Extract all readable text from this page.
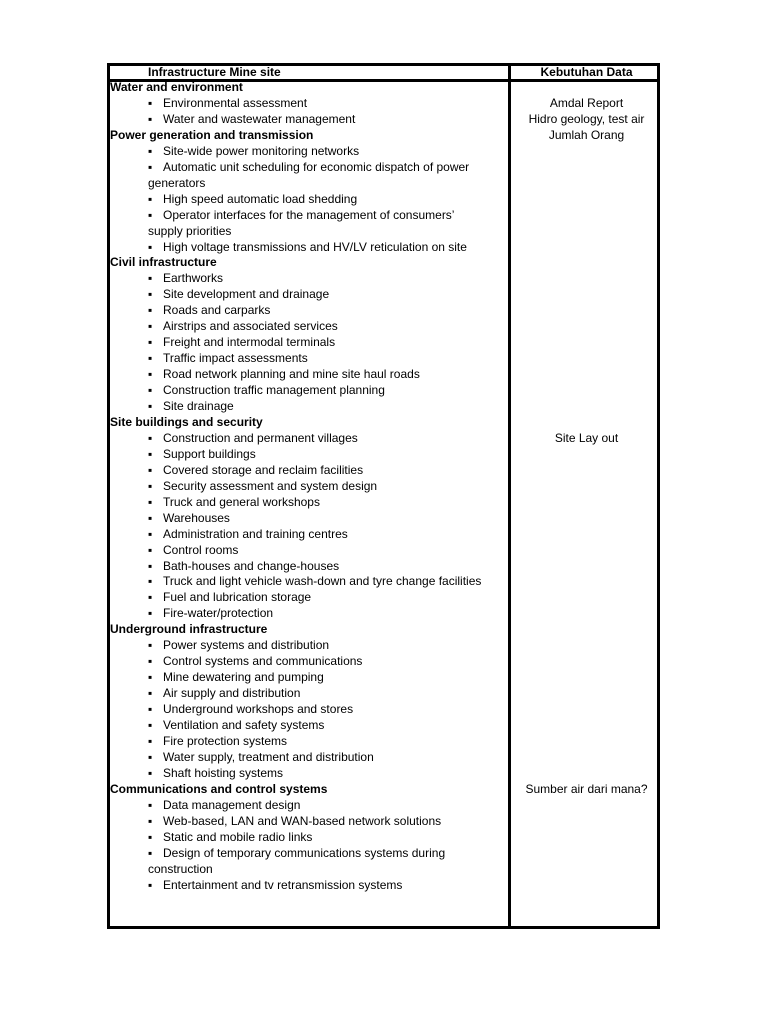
Infrastructure Mine site	Kebutuhan Data
Water and environment
▪ Environmental assessment
▪ Water and wastewater management
Power generation and transmission
▪ Site-wide power monitoring networks
▪ Automatic unit scheduling for economic dispatch of power
generators
▪ High speed automatic load shedding
▪ Operator interfaces for the management of consumers’
supply priorities
▪ High voltage transmissions and HV/LV reticulation on site
Civil infrastructure
▪ Earthworks
▪ Site development and drainage
▪ Roads and carparks
▪ Airstrips and associated services
▪ Freight and intermodal terminals
▪ Traffic impact assessments
▪ Road network planning and mine site haul roads
▪ Construction traffic management planning
▪ Site drainage
Site buildings and security
▪ Construction and permanent villages
▪ Support buildings
▪ Covered storage and reclaim facilities
▪ Security assessment and system design
▪ Truck and general workshops
▪ Warehouses
▪ Administration and training centres
▪ Control rooms
▪ Bath-houses and change-houses
▪ Truck and light vehicle wash-down and tyre change facilities
▪ Fuel and lubrication storage
▪ Fire-water/protection
Underground infrastructure
▪ Power systems and distribution
▪ Control systems and communications
▪ Mine dewatering and pumping
▪ Air supply and distribution
▪ Underground workshops and stores
▪ Ventilation and safety systems
▪ Fire protection systems
▪ Water supply, treatment and distribution
▪ Shaft hoisting systems
Communications and control systems
▪ Data management design
▪ Web-based, LAN and WAN-based network solutions
▪ Static and mobile radio links
▪ Design of temporary communications systems during
construction
▪ Entertainment and tv retransmission systems
Amdal Report
Hidro geology, test air
Jumlah Orang
Site Lay out
Sumber air dari mana?
